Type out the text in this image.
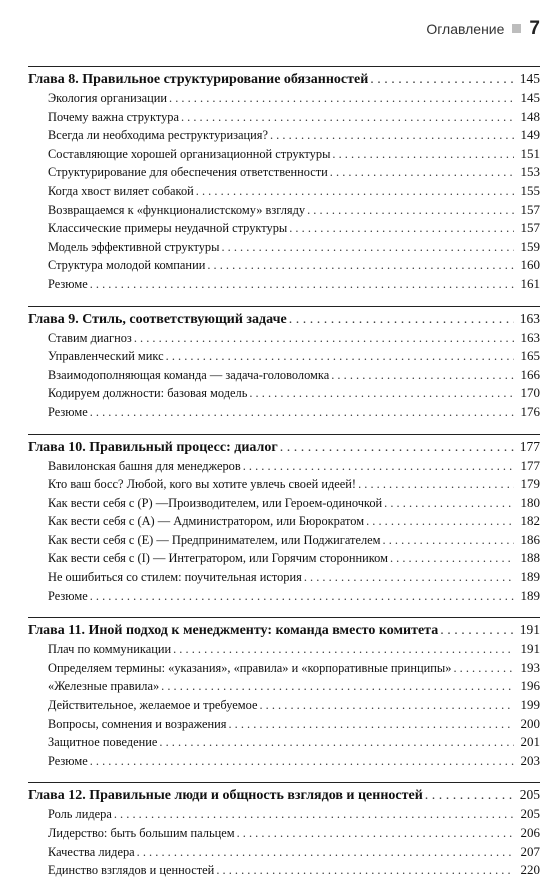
Оглавление 7
Глава 8. Правильное структурирование обязанностей . . .	145
Экология организации . . .	145
Почему важна структура . . .	148
Всегда ли необходима реструктуризация? . . .	149
Составляющие хорошей организационной структуры . . .	151
Структурирование для обеспечения ответственности . . .	153
Когда хвост виляет собакой . . .	155
Возвращаемся к «функционалистскому» взгляду . . .	157
Классические примеры неудачной структуры . . .	157
Модель эффективной структуры . . .	159
Структура молодой компании . . .	160
Резюме . . .	161
Глава 9. Стиль, соответствующий задаче . . .	163
Ставим диагноз . . .	163
Управленческий микс . . .	165
Взаимодополняющая команда — задача-головоломка . . .	166
Кодируем должности: базовая модель . . .	170
Резюме . . .	176
Глава 10. Правильный процесс: диалог . . .	177
Вавилонская башня для менеджеров . . .	177
Кто ваш босс? Любой, кого вы хотите увлечь своей идеей! . . .	179
Как вести себя с (P) —Производителем, или Героем-одиночкой . . .	180
Как вести себя с (A) — Администратором, или Бюрократом . . .	182
Как вести себя с (E) — Предпринимателем, или Поджигателем . . .	186
Как вести себя с (I) — Интегратором, или Горячим сторонником . . .	188
Не ошибиться со стилем: поучительная история . . .	189
Резюме . . .	189
Глава 11. Иной подход к менеджменту: команда вместо комитета . . .	191
Плач по коммуникации . . .	191
Определяем термины: «указания», «правила» и «корпоративные принципы» . . .	193
«Железные правила» . . .	196
Действительное, желаемое и требуемое . . .	199
Вопросы, сомнения и возражения . . .	200
Защитное поведение . . .	201
Резюме . . .	203
Глава 12. Правильные люди и общность взглядов и ценностей . . .	205
Роль лидера . . .	205
Лидерство: быть большим пальцем . . .	206
Качества лидера . . .	207
Единство взглядов и ценностей . . .	220
